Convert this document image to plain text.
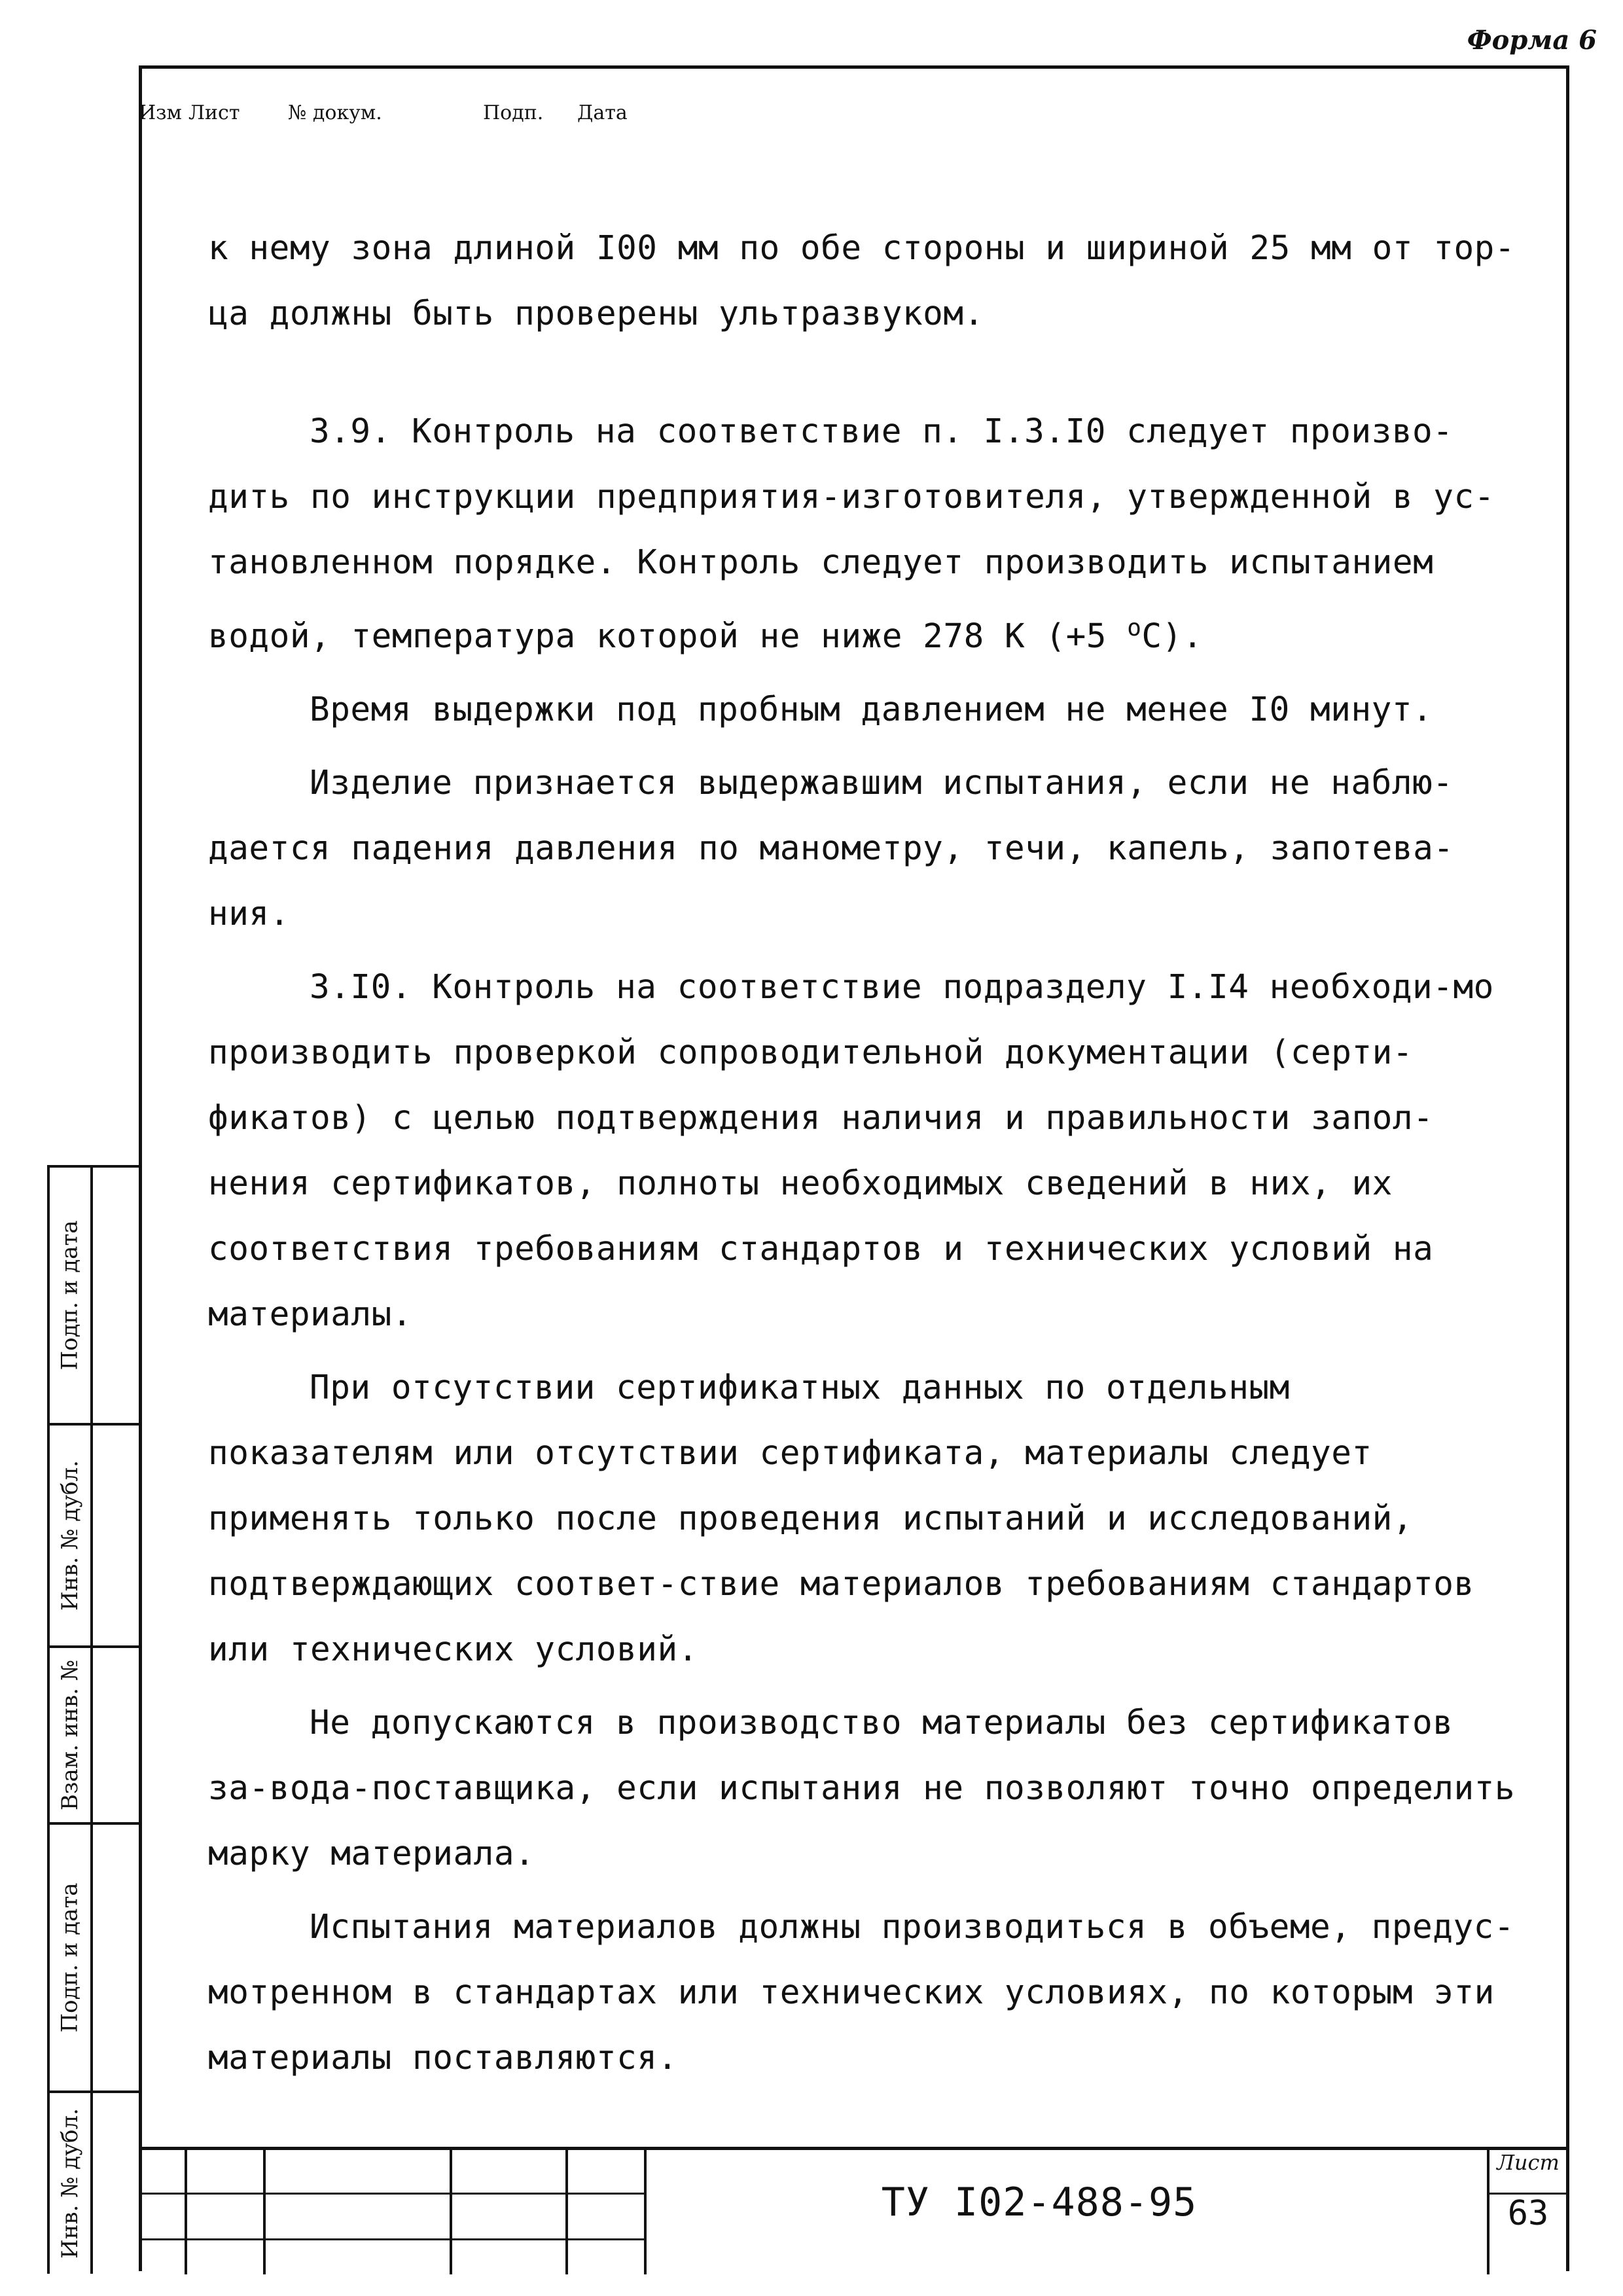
Форма 6

к нему зона длиной I00 мм по обе стороны и шириной 25 мм от тор-ца должны быть проверены ультразвуком.

3.9. Контроль на соответствие п. I.3.I0 следует произво-дить по инструкции предприятия-изготовителя, утвержденной в ус-тановленном порядке. Контроль следует производить испытанием водой, температура которой не ниже 278 К (+5 $^о$С).

Время выдержки под пробным давлением не менее I0 минут.

Изделие признается выдержавшим испытания, если не наблю-дается падения давления по манометру, течи, капель, запотева-ния.

3.I0. Контроль на соответствие подразделу I.I4 необходи-мо производить проверкой сопроводительной документации (серти-фикатов) с целью подтверждения наличия и правильности запол-нения сертификатов, полноты необходимых сведений в них, их соответствия требованиям стандартов и технических условий на материалы.

При отсутствии сертификатных данных по отдельным показателям или отсутствии сертификата, материалы следует применять только после проведения испытаний и исследований, подтверждающих соответ-ствие материалов требованиям стандартов или технических условий.

Не допускаются в производство материалы без сертификатов за-вода-поставщика, если испытания не позволяют точно определить марку материала.

Испытания материалов должны производиться в объеме, предус-мотренном в стандартах или технических условиях, по которым эти материалы поставляются.

Подп. и дата
Инв. № дубл.
Взам. инв. №
Подп. и дата
Инв. № дубл.
Изм Лист № докум.	Подп. Дата
ТУ I02-488-95
Лист
63
